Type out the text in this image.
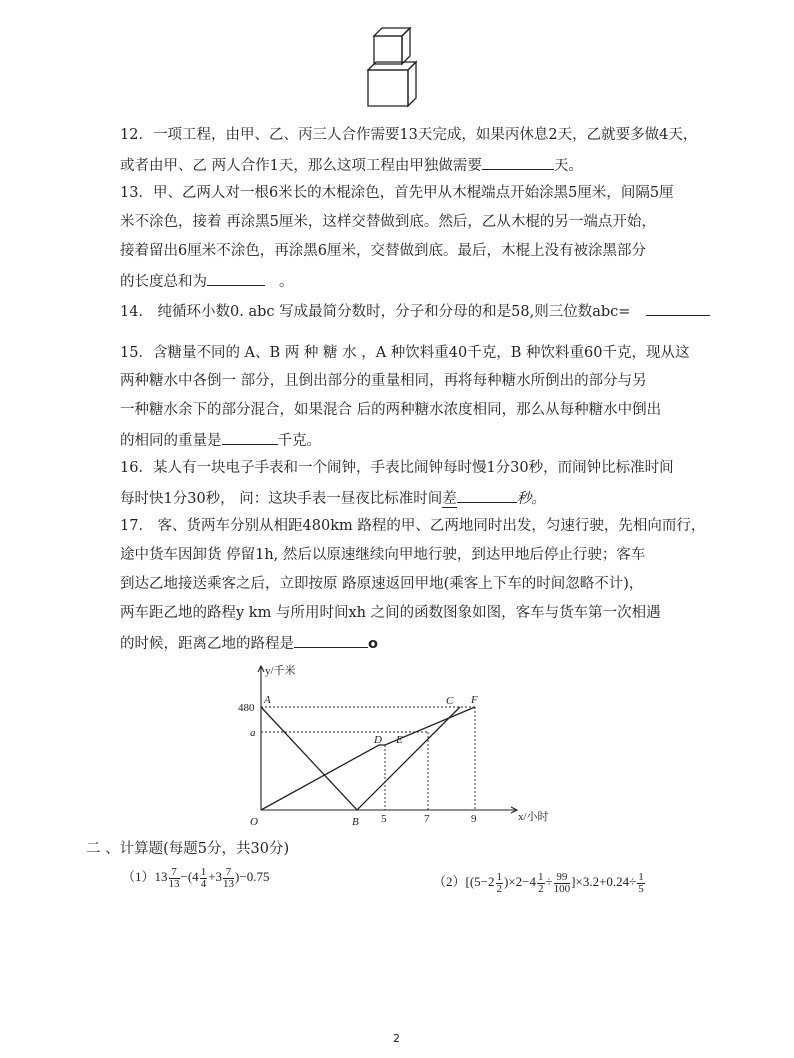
12．一项工程，由甲、乙、丙三人合作需要13天完成，如果丙休息2天，乙就要多做4天，
或者由甲、乙 两人合作1天，那么这项工程由甲独做需要	天。
13．甲、乙两人对一根6米长的木棍涂色，首先甲从木棍端点开始涂黑5厘米，间隔5厘
米不涂色，接着 再涂黑5厘米，这样交替做到底。然后，乙从木棍的另一端点开始，
接着留出6厘米不涂色，再涂黑6厘米，交替做到底。最后，木棍上没有被涂黑部分
的长度总和为	。
14． 纯循环小数0. abc 写成最简分数时，分子和分母的和是58,则三位数abc=
15．含糖量不同的 A、B 两 种 糖 水 ，A 种饮料重40千克，B 种饮料重60千克，现从这
两种糖水中各倒一 部分，且倒出部分的重量相同，再将每种糖水所倒出的部分与另
一种糖水余下的部分混合，如果混合 后的两种糖水浓度相同，那么从每种糖水中倒出
的相同的重量是	千克。
16．某人有一块电子手表和一个闹钟，手表比闹钟每时慢1分30秒，而闹钟比标准时间
每时快1分30秒， 问：这块手表一昼夜比标准时间差	秒。
17． 客、货两车分别从相距480km 路程的甲、乙两地同时出发，匀速行驶，先相向而行，
途中货车因卸货 停留1h, 然后以原速继续向甲地行驶，到达甲地后停止行驶；客车
到达乙地接送乘客之后，立即按原 路原速返回甲地(乘客上下车的时间忽略不计)，
两车距乙地的路程y km 与所用时间xh 之间的函数图象如图，客车与货车第一次相遇
的时候，距离乙地的路程是	o
y/千米
x/小时
480
a
O	5	7	9
A
B
C
D E
F
二 、计算题(每题5分，共30分)
$(1)13 \frac{7}{13} -(4 \frac{1}{4} +3 \frac{7}{13} )-0.75$	$(2)[(5-2 \frac{1}{2} )\times 2-4 \frac{1}{2} \div \frac{99}{100} ]\times 3.2+0.24\div \frac{1}{5}$
2
